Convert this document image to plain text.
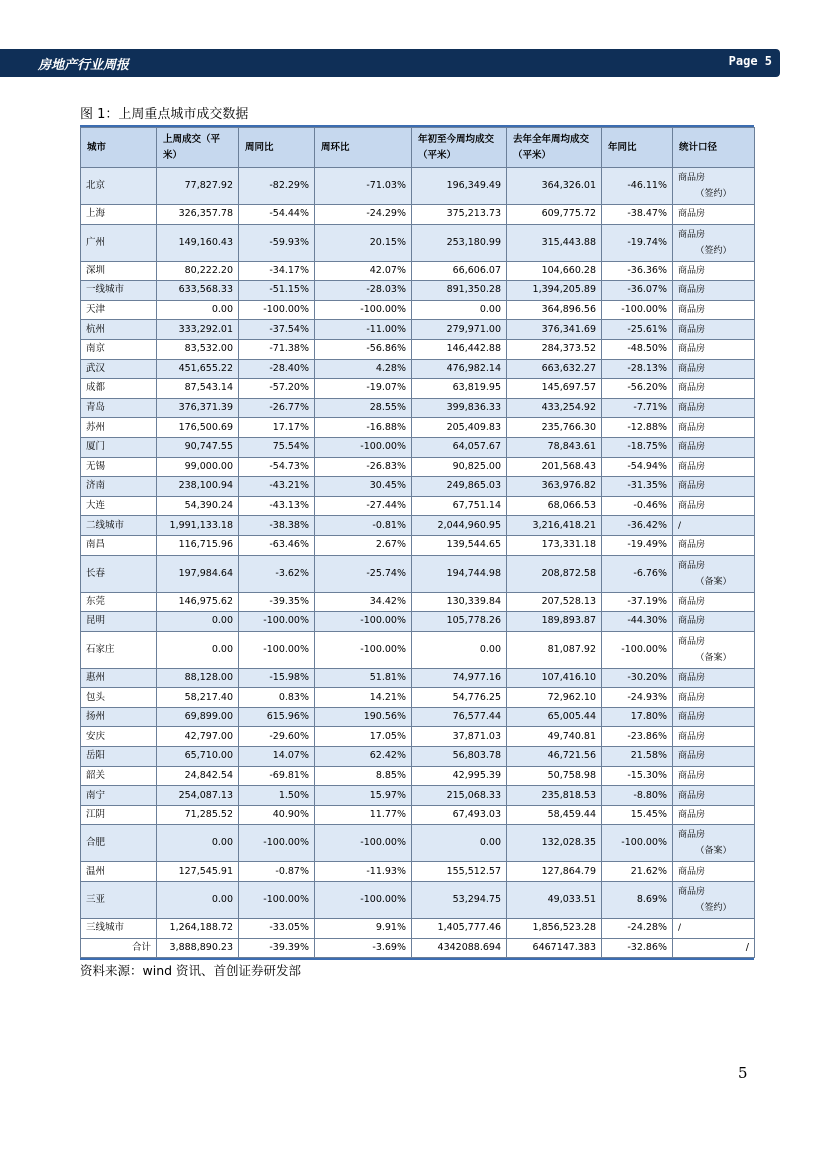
房地产行业周报	Page 5
图 1：上周重点城市成交数据
城市	上周成交（平米）	周同比	周环比	年初至今周均成交（平米）	去年全年周均成交（平米）	年同比	统计口径
北京	77,827.92	-82.29%	-71.03%	196,349.49	364,326.01	-46.11%	商品房
（签约）

上海	326,357.78	-54.44%	-24.29%	375,213.73	609,775.72	-38.47%	商品房
广州	149,160.43	-59.93%	20.15%	253,180.99	315,443.88	-19.74%	商品房
（签约）

深圳	80,222.20	-34.17%	42.07%	66,606.07	104,660.28	-36.36%	商品房
一线城市	633,568.33	-51.15%	-28.03%	891,350.28	1,394,205.89	-36.07%	商品房
天津	0.00	-100.00%	-100.00%	0.00	364,896.56	-100.00%	商品房
杭州	333,292.01	-37.54%	-11.00%	279,971.00	376,341.69	-25.61%	商品房
南京	83,532.00	-71.38%	-56.86%	146,442.88	284,373.52	-48.50%	商品房
武汉	451,655.22	-28.40%	4.28%	476,982.14	663,632.27	-28.13%	商品房
成都	87,543.14	-57.20%	-19.07%	63,819.95	145,697.57	-56.20%	商品房
青岛	376,371.39	-26.77%	28.55%	399,836.33	433,254.92	-7.71%	商品房
苏州	176,500.69	17.17%	-16.88%	205,409.83	235,766.30	-12.88%	商品房
厦门	90,747.55	75.54%	-100.00%	64,057.67	78,843.61	-18.75%	商品房
无锡	99,000.00	-54.73%	-26.83%	90,825.00	201,568.43	-54.94%	商品房
济南	238,100.94	-43.21%	30.45%	249,865.03	363,976.82	-31.35%	商品房
大连	54,390.24	-43.13%	-27.44%	67,751.14	68,066.53	-0.46%	商品房
二线城市	1,991,133.18	-38.38%	-0.81%	2,044,960.95	3,216,418.21	-36.42%	/
南昌	116,715.96	-63.46%	2.67%	139,544.65	173,331.18	-19.49%	商品房
长春	197,984.64	-3.62%	-25.74%	194,744.98	208,872.58	-6.76%	商品房
（备案）

东莞	146,975.62	-39.35%	34.42%	130,339.84	207,528.13	-37.19%	商品房
昆明	0.00	-100.00%	-100.00%	105,778.26	189,893.87	-44.30%	商品房
石家庄	0.00	-100.00%	-100.00%	0.00	81,087.92	-100.00%	商品房
（备案）

惠州	88,128.00	-15.98%	51.81%	74,977.16	107,416.10	-30.20%	商品房
包头	58,217.40	0.83%	14.21%	54,776.25	72,962.10	-24.93%	商品房
扬州	69,899.00	615.96%	190.56%	76,577.44	65,005.44	17.80%	商品房
安庆	42,797.00	-29.60%	17.05%	37,871.03	49,740.81	-23.86%	商品房
岳阳	65,710.00	14.07%	62.42%	56,803.78	46,721.56	21.58%	商品房
韶关	24,842.54	-69.81%	8.85%	42,995.39	50,758.98	-15.30%	商品房
南宁	254,087.13	1.50%	15.97%	215,068.33	235,818.53	-8.80%	商品房
江阴	71,285.52	40.90%	11.77%	67,493.03	58,459.44	15.45%	商品房
合肥	0.00	-100.00%	-100.00%	0.00	132,028.35	-100.00%	商品房
（备案）

温州	127,545.91	-0.87%	-11.93%	155,512.57	127,864.79	21.62%	商品房
三亚	0.00	-100.00%	-100.00%	53,294.75	49,033.51	8.69%	商品房
（签约）

三线城市	1,264,188.72	-33.05%	9.91%	1,405,777.46	1,856,523.28	-24.28%	/
合计	3,888,890.23	-39.39%	-3.69%	4342088.694	6467147.383	-32.86%	/
资料来源：wind 资讯、首创证券研发部
5
